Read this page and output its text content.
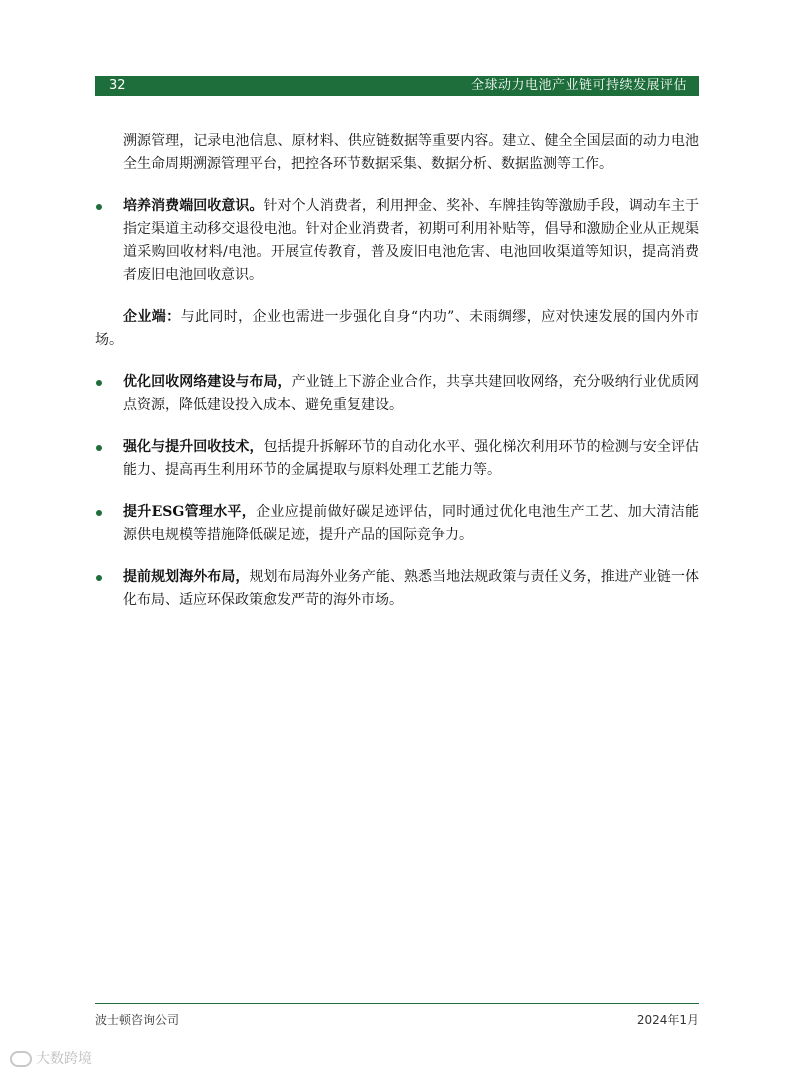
32	全球动力电池产业链可持续发展评估

溯源管理，记录电池信息、原材料、供应链数据等重要内容。建立、健全全国层面的动力电池全生命周期溯源管理平台，把控各环节数据采集、数据分析、数据监测等工作。

培养消费端回收意识。针对个人消费者，利用押金、奖补、车牌挂钩等激励手段，调动车主于指定渠道主动移交退役电池。针对企业消费者，初期可利用补贴等，倡导和激励企业从正规渠道采购回收材料/电池。开展宣传教育，普及废旧电池危害、电池回收渠道等知识，提高消费者废旧电池回收意识。

企业端：与此同时，企业也需进一步强化自身“内功”、未雨绸缪，应对快速发展的国内外市场。

优化回收网络建设与布局，产业链上下游企业合作，共享共建回收网络，充分吸纳行业优质网点资源，降低建设投入成本、避免重复建设。

强化与提升回收技术，包括提升拆解环节的自动化水平、强化梯次利用环节的检测与安全评估能力、提高再生利用环节的金属提取与原料处理工艺能力等。

提升ESG管理水平，企业应提前做好碳足迹评估，同时通过优化电池生产工艺、加大清洁能源供电规模等措施降低碳足迹，提升产品的国际竞争力。

提前规划海外布局，规划布局海外业务产能、熟悉当地法规政策与责任义务，推进产业链一体化布局、适应环保政策愈发严苛的海外市场。

波士顿咨询公司	2024年1月
大数跨境
